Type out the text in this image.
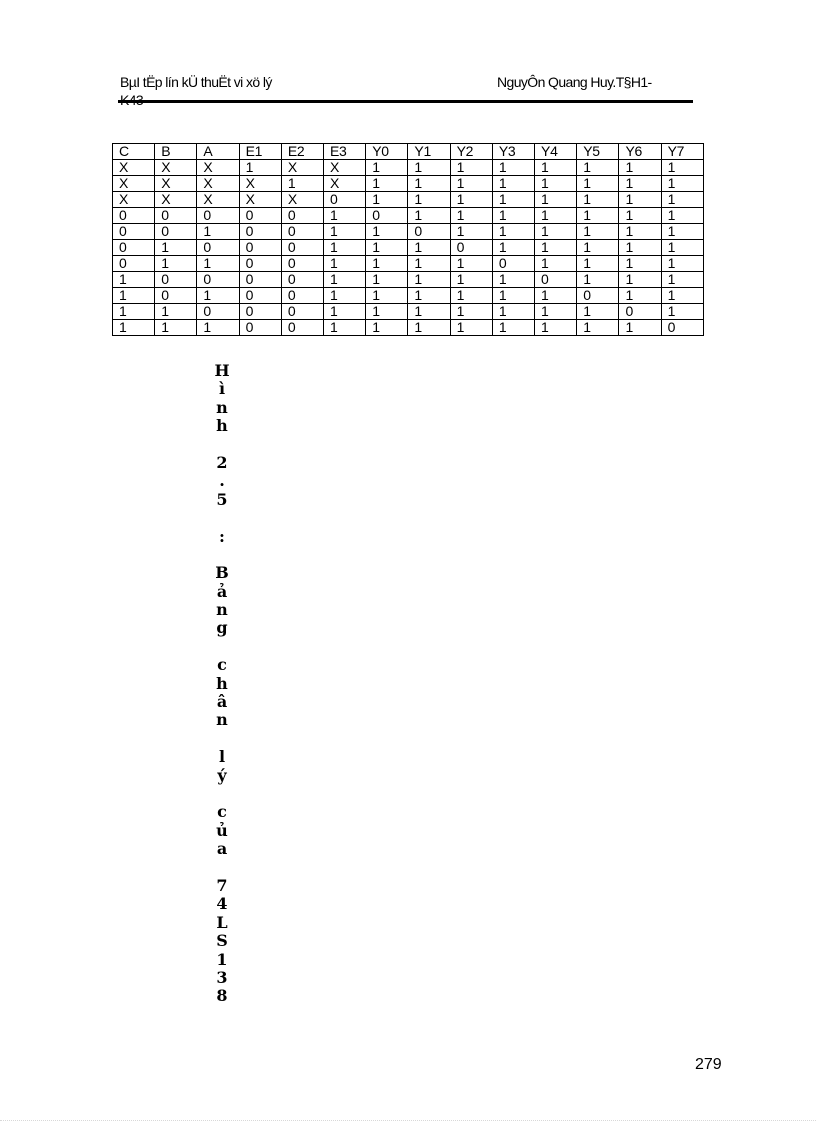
BµI tËp lín kÜ thuËt vi xö lý	NguyÔn Quang Huy.T§H1-
C	B	A	E1	E2	E3	Y0	Y1	Y2	Y3	Y4	Y5	Y6	Y7
X	X	X	1	X	X	1	1	1	1	1	1	1	1
X	X	X	X	1	X	1	1	1	1	1	1	1	1
X	X	X	X	X	0	1	1	1	1	1	1	1	1
0	0	0	0	0	1	0	1	1	1	1	1	1	1
0	0	1	0	0	1	1	0	1	1	1	1	1	1
0	1	0	0	0	1	1	1	0	1	1	1	1	1
0	1	1	0	0	1	1	1	1	0	1	1	1	1
1	0	0	0	0	1	1	1	1	1	0	1	1	1
1	0	1	0	0	1	1	1	1	1	1	0	1	1
1	1	0	0	0	1	1	1	1	1	1	1	0	1
1	1	1	0	0	1	1	1	1	1	1	1	1	0
H
ì
n
h

2
.
5

:

B
ả
n
g

c
h
â
n

l
ý

c
ủ
a

7
4
L
S
1
3
8
279
